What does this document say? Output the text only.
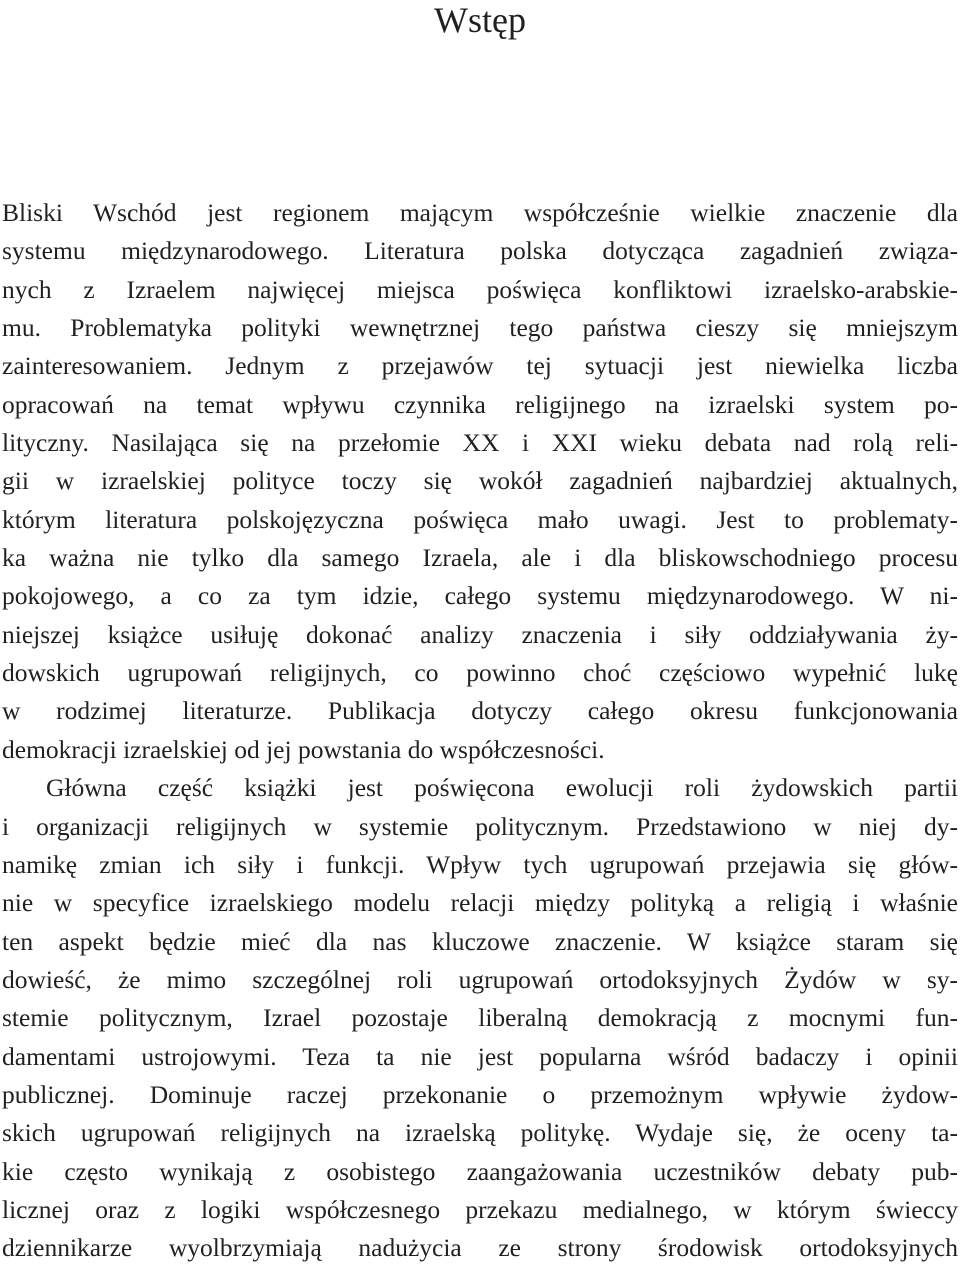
Wstęp
Bliski Wschód jest regionem mającym współcześnie wielkie znaczenie dla
systemu międzynarodowego. Literatura polska dotycząca zagadnień związa-
nych z Izraelem najwięcej miejsca poświęca konfliktowi izraelsko-arabskie-
mu. Problematyka polityki wewnętrznej tego państwa cieszy się mniejszym
zainteresowaniem. Jednym z przejawów tej sytuacji jest niewielka liczba
opracowań na temat wpływu czynnika religijnego na izraelski system po-
lityczny. Nasilająca się na przełomie XX i XXI wieku debata nad rolą reli-
gii w izraelskiej polityce toczy się wokół zagadnień najbardziej aktualnych,
którym literatura polskojęzyczna poświęca mało uwagi. Jest to problematy-
ka ważna nie tylko dla samego Izraela, ale i dla bliskowschodniego procesu
pokojowego, a co za tym idzie, całego systemu międzynarodowego. W ni-
niejszej książce usiłuję dokonać analizy znaczenia i siły oddziaływania ży-
dowskich ugrupowań religijnych, co powinno choć częściowo wypełnić lukę
w rodzimej literaturze. Publikacja dotyczy całego okresu funkcjonowania
demokracji izraelskiej od jej powstania do współczesności.
Główna część książki jest poświęcona ewolucji roli żydowskich partii
i organizacji religijnych w systemie politycznym. Przedstawiono w niej dy-
namikę zmian ich siły i funkcji. Wpływ tych ugrupowań przejawia się głów-
nie w specyfice izraelskiego modelu relacji między polityką a religią i właśnie
ten aspekt będzie mieć dla nas kluczowe znaczenie. W książce staram się
dowieść, że mimo szczególnej roli ugrupowań ortodoksyjnych Żydów w sy-
stemie politycznym, Izrael pozostaje liberalną demokracją z mocnymi fun-
damentami ustrojowymi. Teza ta nie jest popularna wśród badaczy i opinii
publicznej. Dominuje raczej przekonanie o przemożnym wpływie żydow-
skich ugrupowań religijnych na izraelską politykę. Wydaje się, że oceny ta-
kie często wynikają z osobistego zaangażowania uczestników debaty pub-
licznej oraz z logiki współczesnego przekazu medialnego, w którym świeccy
dziennikarze wyolbrzymiają nadużycia ze strony środowisk ortodoksyjnych
